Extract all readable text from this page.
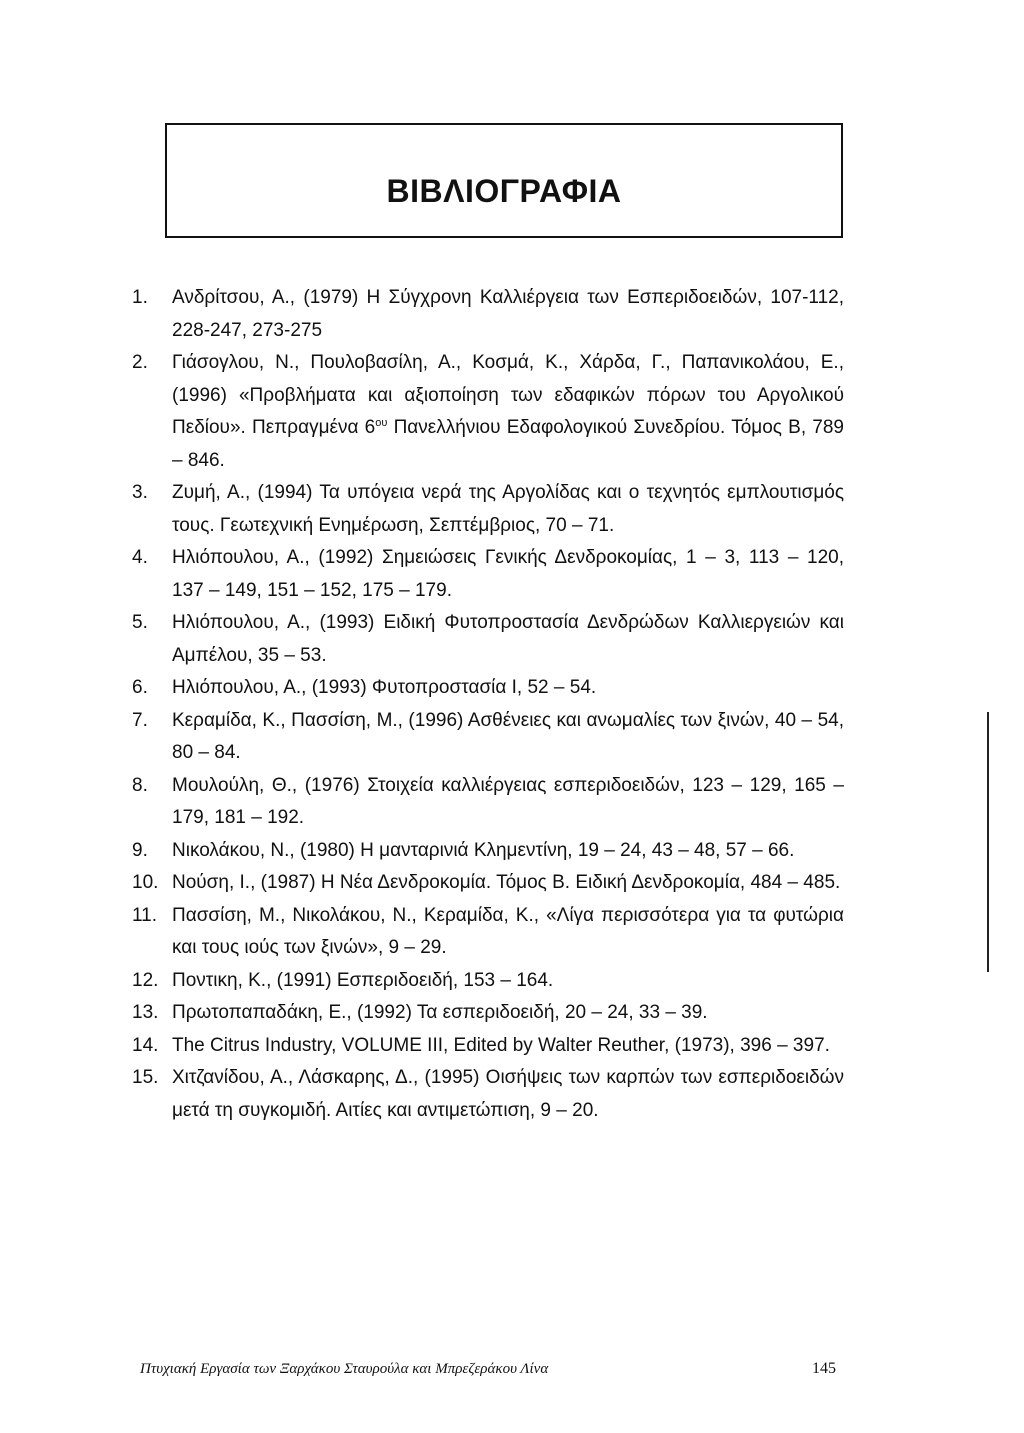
ΒΙΒΛΙΟΓΡΑΦΙΑ
1.	Ανδρίτσου, Α., (1979) Η Σύγχρονη Καλλιέργεια των Εσπεριδοειδών, 107-112, 228-247, 273-275
2.	Γιάσογλου, Ν., Πουλοβασίλη, Α., Κοσμά, Κ., Χάρδα, Γ., Παπανικολάου, Ε., (1996) «Προβλήματα και αξιοποίηση των εδαφικών πόρων του Αργολικού Πεδίου». Πεπραγμένα $6^{o\upsilon}$ Πανελλήνιου Εδαφολογικού Συνεδρίου. Τόμος Β, 789 – 846.
3.	Ζυμή, Α., (1994) Τα υπόγεια νερά της Αργολίδας και ο τεχνητός εμπλουτισμός τους. Γεωτεχνική Ενημέρωση, Σεπτέμβριος, 70 – 71.
4.	Ηλιόπουλου, Α., (1992) Σημειώσεις Γενικής Δενδροκομίας, 1 – 3, 113 – 120, 137 – 149, 151 – 152, 175 – 179.
5.	Ηλιόπουλου, Α., (1993) Ειδική Φυτοπροστασία Δενδρώδων Καλλιεργειών και Αμπέλου, 35 – 53.
6.	Ηλιόπουλου, Α., (1993) Φυτοπροστασία Ι, 52 – 54.
7.	Κεραμίδα, Κ., Πασσίση, Μ., (1996) Ασθένειες και ανωμαλίες των ξινών, 40 – 54, 80 – 84.
8.	Μουλούλη, Θ., (1976) Στοιχεία καλλιέργειας εσπεριδοειδών, 123 – 129, 165 – 179, 181 – 192.
9.	Νικολάκου, Ν., (1980) Η μανταρινιά Κλημεντίνη, 19 – 24, 43 – 48, 57 – 66.
10. Νούση, Ι., (1987) Η Νέα Δενδροκομία. Τόμος Β. Ειδική Δενδροκομία, 484 – 485.
11. Πασσίση, Μ., Νικολάκου, Ν., Κεραμίδα, Κ., «Λίγα περισσότερα για τα φυτώρια και τους ιούς των ξινών», 9 – 29.
12. Ποντικη, Κ., (1991) Εσπεριδοειδή, 153 – 164.
13. Πρωτοπαπαδάκη, Ε., (1992) Τα εσπεριδοειδή, 20 – 24, 33 – 39.
14. The Citrus Industry, VOLUME III, Edited by Walter Reuther, (1973), 396 – 397.
15. Χιτζανίδου, Α., Λάσκαρης, Δ., (1995) Οισήψεις των καρπών των εσπεριδοειδών μετά τη συγκομιδή. Αιτίες και αντιμετώπιση, 9 – 20.
Πτυχιακή Εργασία των Ξαρχάκου Σταυρούλα και Μπρεζεράκου Λίνα	145
